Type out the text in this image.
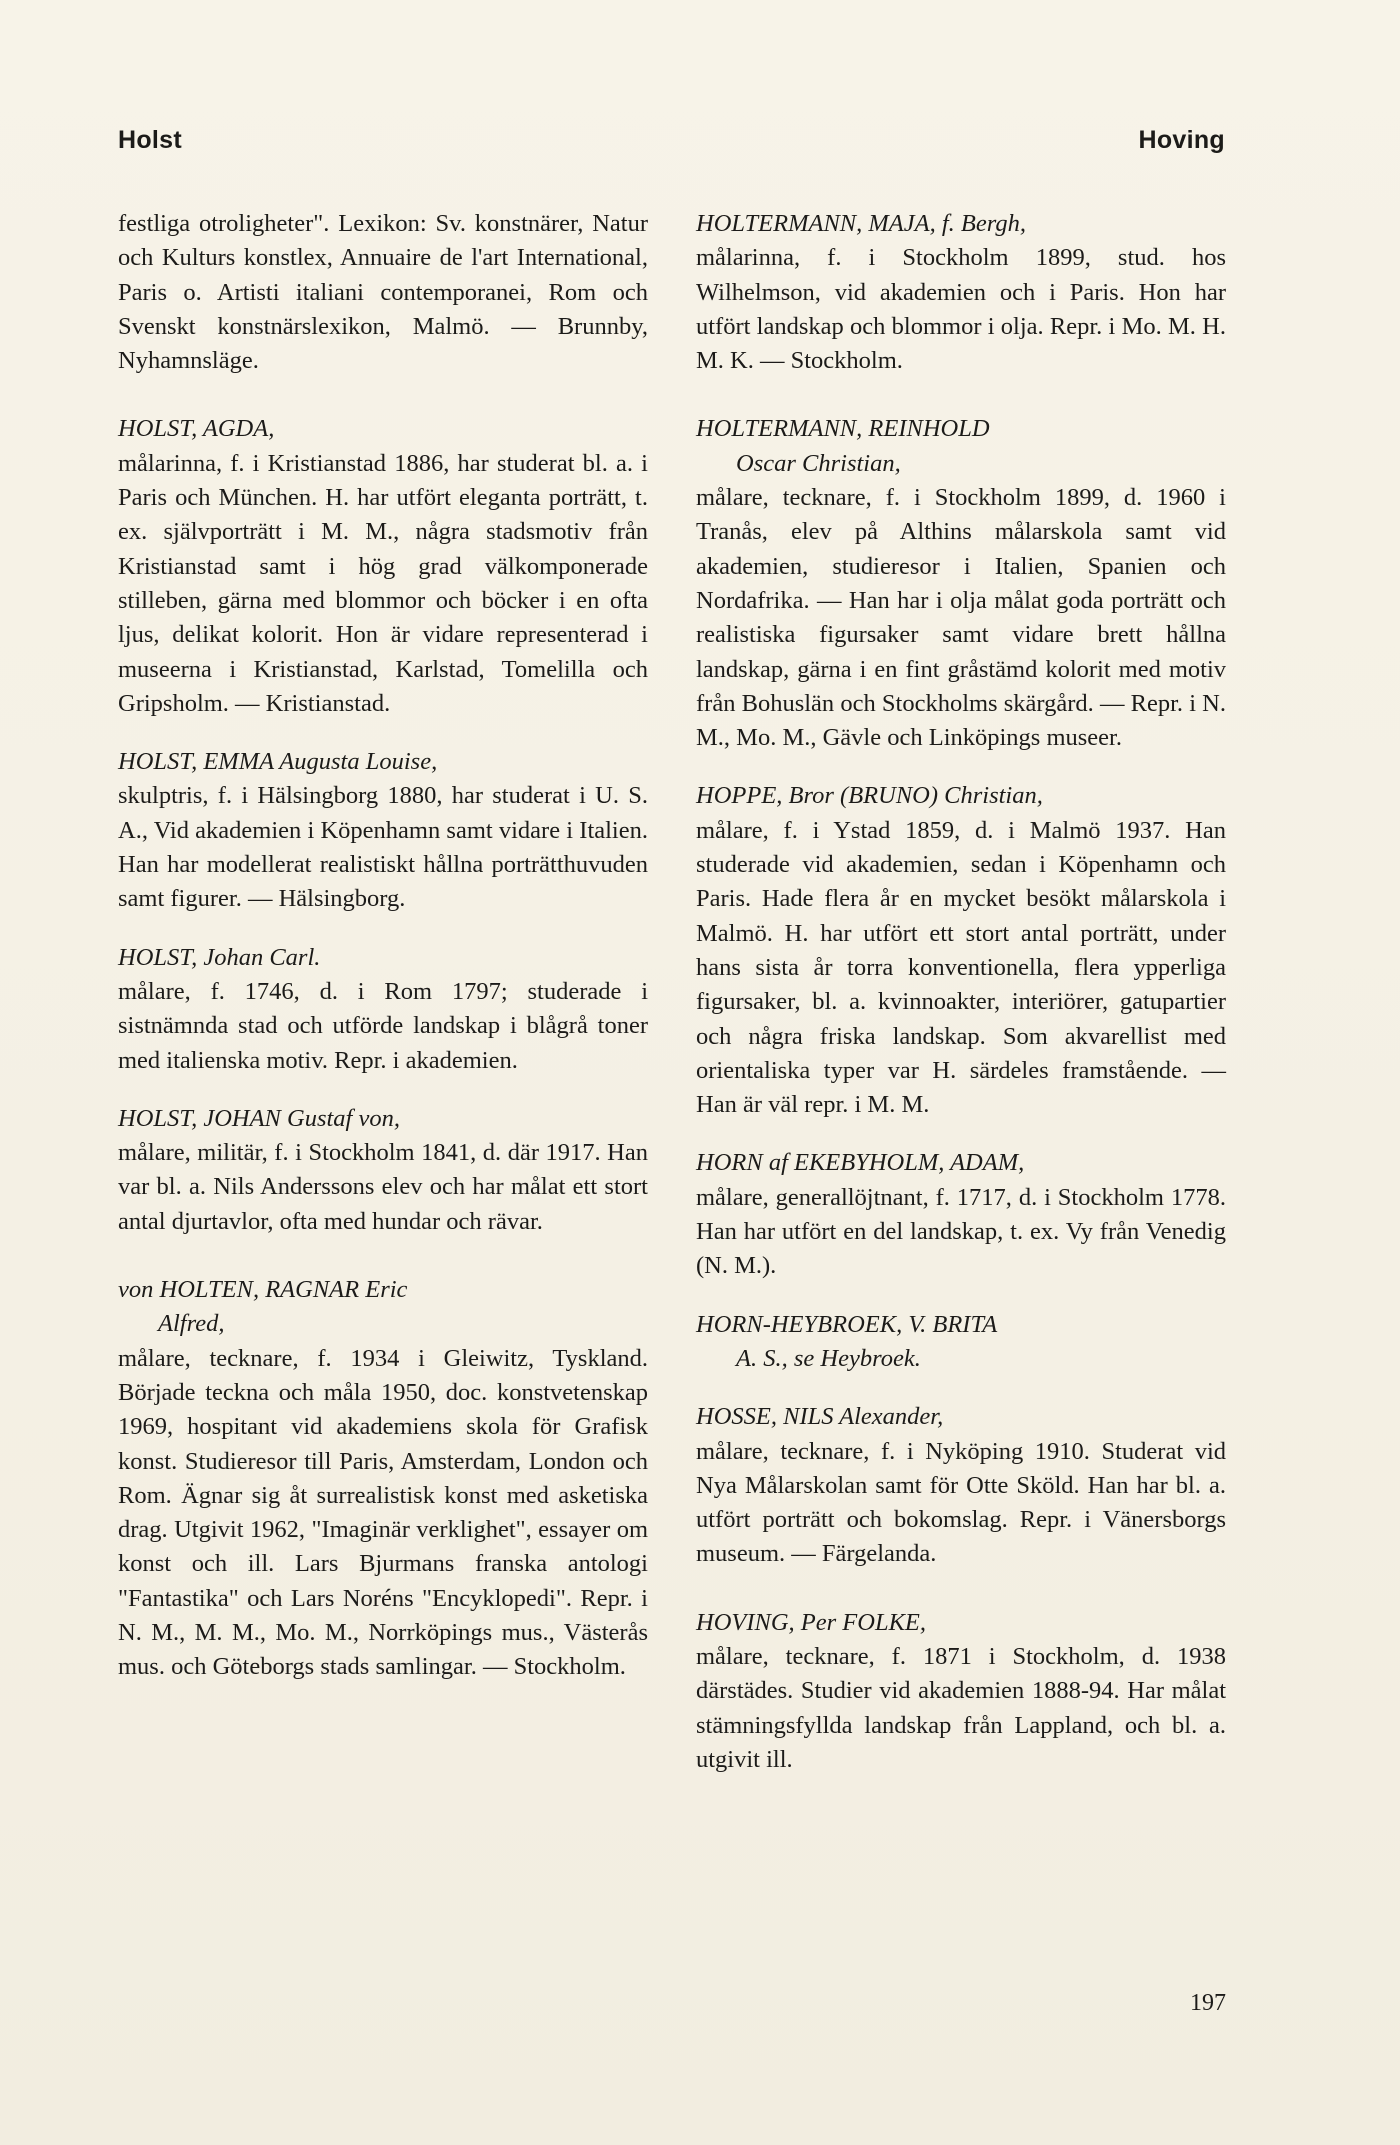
Holst	Hoving
festliga otroligheter". Lexikon: Sv. konstnärer, Natur och Kulturs konstlex, Annuaire de l'art International, Paris o. Artisti italiani contemporanei, Rom och Svenskt konstnärslexikon, Malmö. — Brunnby, Nyhamnsläge.
HOLST, AGDA,
målarinna, f. i Kristianstad 1886, har studerat bl. a. i Paris och München. H. har utfört eleganta porträtt, t. ex. självporträtt i M. M., några stadsmotiv från Kristianstad samt i hög grad välkomponerade stilleben, gärna med blommor och böcker i en ofta ljus, delikat kolorit. Hon är vidare representerad i museerna i Kristianstad, Karlstad, Tomelilla och Gripsholm. — Kristianstad.
HOLST, EMMA Augusta Louise,
skulptris, f. i Hälsingborg 1880, har studerat i U. S. A., Vid akademien i Köpenhamn samt vidare i Italien. Han har modellerat realistiskt hållna porträtthuvuden samt figurer. — Hälsingborg.
HOLST, Johan Carl.
målare, f. 1746, d. i Rom 1797; studerade i sistnämnda stad och utförde landskap i blågrå toner med italienska motiv. Repr. i akademien.
HOLST, JOHAN Gustaf von,
målare, militär, f. i Stockholm 1841, d. där 1917. Han var bl. a. Nils Anderssons elev och har målat ett stort antal djurtavlor, ofta med hundar och rävar.
von HOLTEN, RAGNAR Eric
Alfred,
målare, tecknare, f. 1934 i Gleiwitz, Tyskland. Började teckna och måla 1950, doc. konstvetenskap 1969, hospitant vid akademiens skola för Grafisk konst. Studieresor till Paris, Amsterdam, London och Rom. Ägnar sig åt surrealistisk konst med asketiska drag. Utgivit 1962, "Imaginär verklighet", essayer om konst och ill. Lars Bjurmans franska antologi "Fantastika" och Lars Noréns "Encyklopedi". Repr. i N. M., M. M., Mo. M., Norrköpings mus., Västerås mus. och Göteborgs stads samlingar. — Stockholm.
HOLTERMANN, MAJA, f. Bergh,
målarinna, f. i Stockholm 1899, stud. hos Wilhelmson, vid akademien och i Paris. Hon har utfört landskap och blommor i olja. Repr. i Mo. M. H. M. K. — Stockholm.
HOLTERMANN, REINHOLD
Oscar Christian,
målare, tecknare, f. i Stockholm 1899, d. 1960 i Tranås, elev på Althins målarskola samt vid akademien, studieresor i Italien, Spanien och Nordafrika. — Han har i olja målat goda porträtt och realistiska figursaker samt vidare brett hållna landskap, gärna i en fint gråstämd kolorit med motiv från Bohuslän och Stockholms skärgård. — Repr. i N. M., Mo. M., Gävle och Linköpings museer.
HOPPE, Bror (BRUNO) Christian,
målare, f. i Ystad 1859, d. i Malmö 1937. Han studerade vid akademien, sedan i Köpenhamn och Paris. Hade flera år en mycket besökt målarskola i Malmö. H. har utfört ett stort antal porträtt, under hans sista år torra konventionella, flera ypperliga figursaker, bl. a. kvinnoakter, interiörer, gatupartier och några friska landskap. Som akvarellist med orientaliska typer var H. särdeles framstående. — Han är väl repr. i M. M.
HORN af EKEBYHOLM, ADAM,
målare, generallöjtnant, f. 1717, d. i Stockholm 1778. Han har utfört en del landskap, t. ex. Vy från Venedig (N. M.).
HORN-HEYBROEK, V. BRITA
A. S., se Heybroek.
HOSSE, NILS Alexander,
målare, tecknare, f. i Nyköping 1910. Studerat vid Nya Målarskolan samt för Otte Sköld. Han har bl. a. utfört porträtt och bokomslag. Repr. i Vänersborgs museum. — Färgelanda.
HOVING, Per FOLKE,
målare, tecknare, f. 1871 i Stockholm, d. 1938 därstädes. Studier vid akademien 1888-94. Har målat stämningsfyllda landskap från Lappland, och bl. a. utgivit ill.
197
